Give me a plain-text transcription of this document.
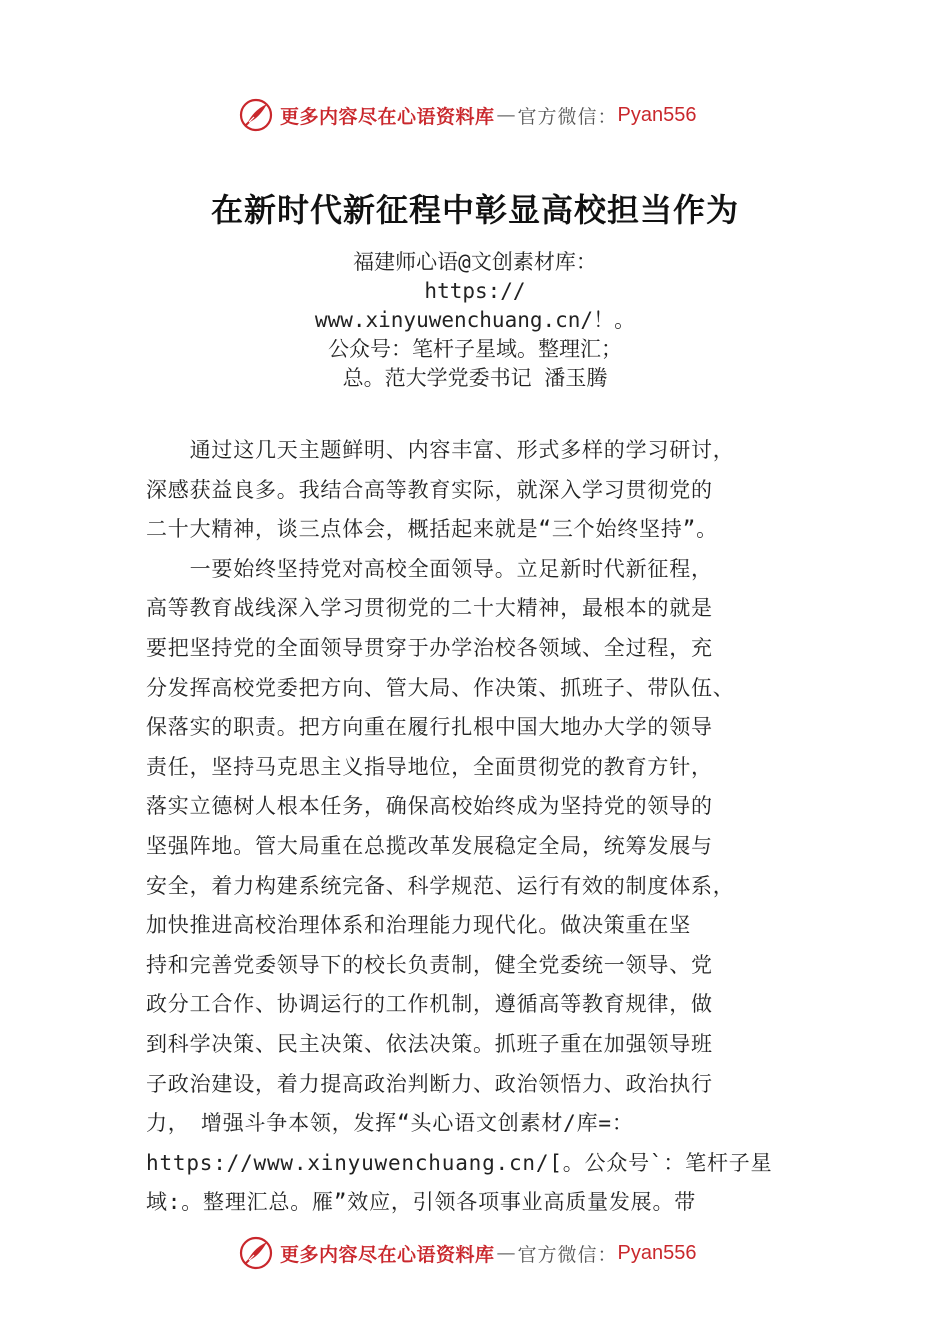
更多内容尽在心语资料库 — 官方微信： Pyan556
在新时代新征程中彰显高校担当作为
福建师心语@文创素材库：
https://
www.xinyuwenchuang.cn/！。
公众号：笔杆子星域。整理汇；
总。范大学党委书记 潘玉腾
　　通过这几天主题鲜明、内容丰富、形式多样的学习研讨，
深感获益良多。我结合高等教育实际，就深入学习贯彻党的
二十大精神，谈三点体会，概括起来就是“三个始终坚持”。
　　一要始终坚持党对高校全面领导。立足新时代新征程，
高等教育战线深入学习贯彻党的二十大精神，最根本的就是
要把坚持党的全面领导贯穿于办学治校各领域、全过程，充
分发挥高校党委把方向、管大局、作决策、抓班子、带队伍、
保落实的职责。把方向重在履行扎根中国大地办大学的领导
责任，坚持马克思主义指导地位，全面贯彻党的教育方针，
落实立德树人根本任务，确保高校始终成为坚持党的领导的
坚强阵地。管大局重在总揽改革发展稳定全局，统筹发展与
安全，着力构建系统完备、科学规范、运行有效的制度体系，
加快推进高校治理体系和治理能力现代化。做决策重在坚
持和完善党委领导下的校长负责制，健全党委统一领导、党
政分工合作、协调运行的工作机制，遵循高等教育规律，做
到科学决策、民主决策、依法决策。抓班子重在加强领导班
子政治建设，着力提高政治判断力、政治领悟力、政治执行
力，　增强斗争本领，发挥“头心语文创素材/库=：
https://www.xinyuwenchuang.cn/[。公众号`：笔杆子星
域:。整理汇总。雁”效应，引领各项事业高质量发展。带
更多内容尽在心语资料库 — 官方微信： Pyan556
